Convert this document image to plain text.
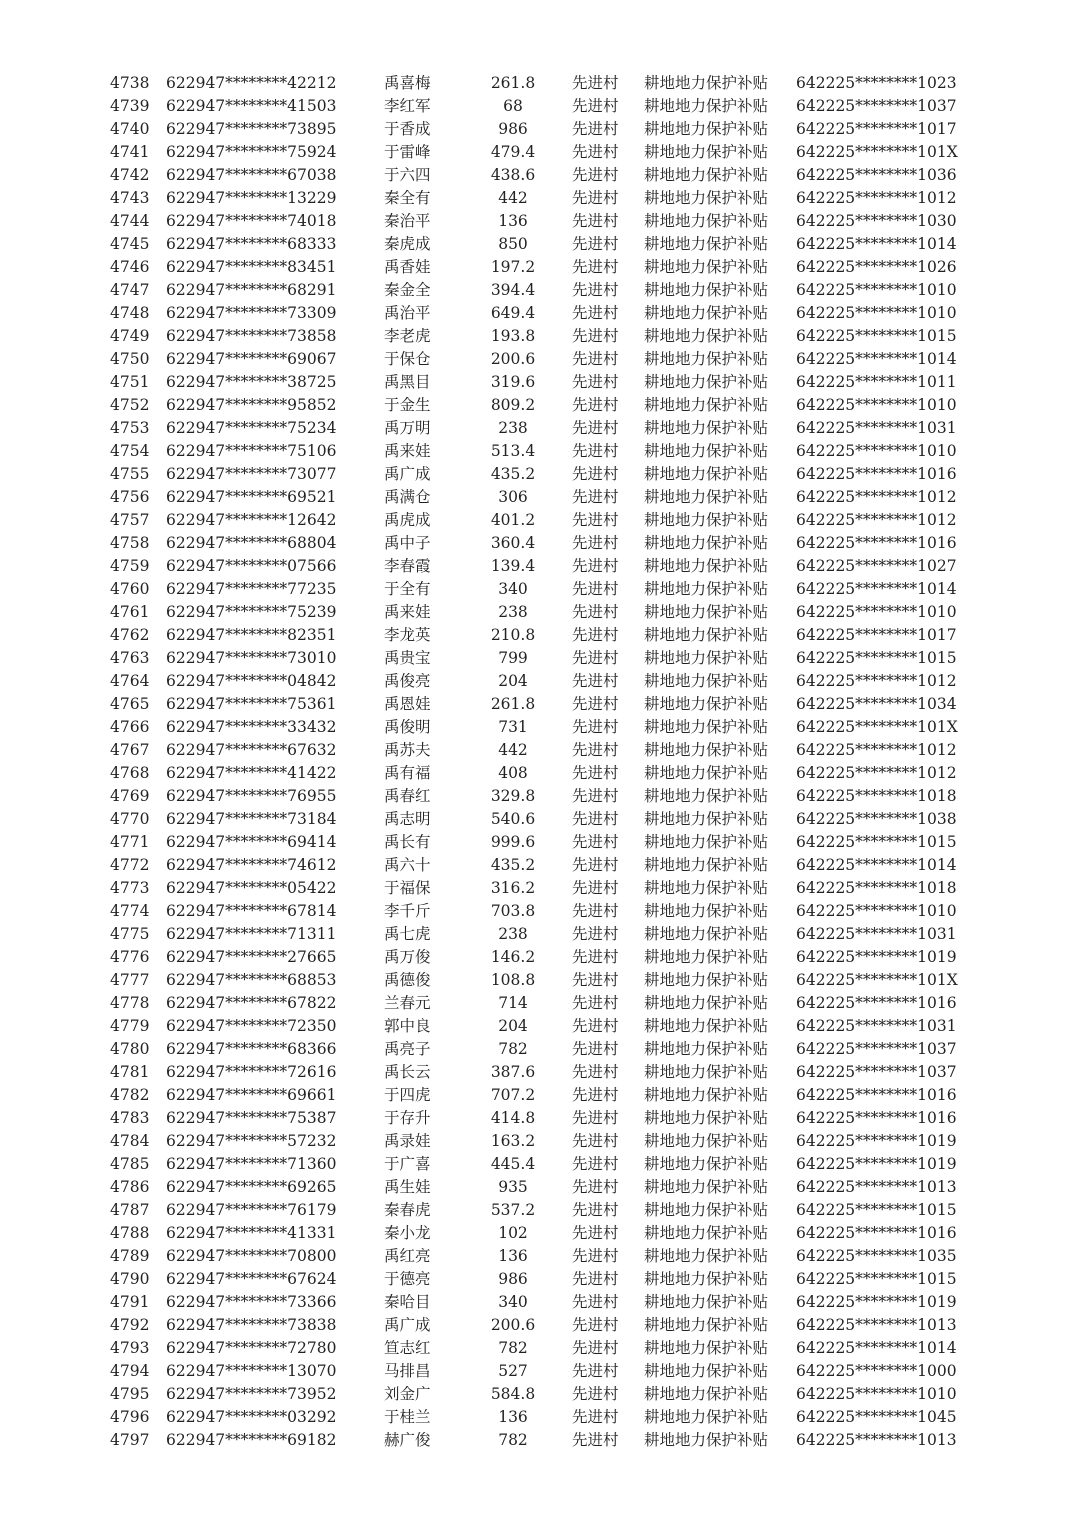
4738 622947********42212	禹喜梅	261.8	先进村 耕地地力保护补贴 642225********1023
4739 622947********41503	李红军	68	先进村 耕地地力保护补贴 642225********1037
4740 622947********73895	于香成	986	先进村 耕地地力保护补贴 642225********1017
4741 622947********75924	于雷峰	479.4	先进村 耕地地力保护补贴 642225********101X
4742 622947********67038	于六四	438.6	先进村 耕地地力保护补贴 642225********1036
4743 622947********13229	秦全有	442	先进村 耕地地力保护补贴 642225********1012
4744 622947********74018	秦治平	136	先进村 耕地地力保护补贴 642225********1030
4745 622947********68333	秦虎成	850	先进村 耕地地力保护补贴 642225********1014
4746 622947********83451	禹香娃	197.2	先进村 耕地地力保护补贴 642225********1026
4747 622947********68291	秦金全	394.4	先进村 耕地地力保护补贴 642225********1010
4748 622947********73309	禹治平	649.4	先进村 耕地地力保护补贴 642225********1010
4749 622947********73858	李老虎	193.8	先进村 耕地地力保护补贴 642225********1015
4750 622947********69067	于保仓	200.6	先进村 耕地地力保护补贴 642225********1014
4751 622947********38725	禹黑目	319.6	先进村 耕地地力保护补贴 642225********1011
4752 622947********95852	于金生	809.2	先进村 耕地地力保护补贴 642225********1010
4753 622947********75234	禹万明	238	先进村 耕地地力保护补贴 642225********1031
4754 622947********75106	禹来娃	513.4	先进村 耕地地力保护补贴 642225********1010
4755 622947********73077	禹广成	435.2	先进村 耕地地力保护补贴 642225********1016
4756 622947********69521	禹满仓	306	先进村 耕地地力保护补贴 642225********1012
4757 622947********12642	禹虎成	401.2	先进村 耕地地力保护补贴 642225********1012
4758 622947********68804	禹中子	360.4	先进村 耕地地力保护补贴 642225********1016
4759 622947********07566	李春霞	139.4	先进村 耕地地力保护补贴 642225********1027
4760 622947********77235	于全有	340	先进村 耕地地力保护补贴 642225********1014
4761 622947********75239	禹来娃	238	先进村 耕地地力保护补贴 642225********1010
4762 622947********82351	李龙英	210.8	先进村 耕地地力保护补贴 642225********1017
4763 622947********73010	禹贵宝	799	先进村 耕地地力保护补贴 642225********1015
4764 622947********04842	禹俊亮	204	先进村 耕地地力保护补贴 642225********1012
4765 622947********75361	禹恩娃	261.8	先进村 耕地地力保护补贴 642225********1034
4766 622947********33432	禹俊明	731	先进村 耕地地力保护补贴 642225********101X
4767 622947********67632	禹苏夫	442	先进村 耕地地力保护补贴 642225********1012
4768 622947********41422	禹有福	408	先进村 耕地地力保护补贴 642225********1012
4769 622947********76955	禹春红	329.8	先进村 耕地地力保护补贴 642225********1018
4770 622947********73184	禹志明	540.6	先进村 耕地地力保护补贴 642225********1038
4771 622947********69414	禹长有	999.6	先进村 耕地地力保护补贴 642225********1015
4772 622947********74612	禹六十	435.2	先进村 耕地地力保护补贴 642225********1014
4773 622947********05422	于福保	316.2	先进村 耕地地力保护补贴 642225********1018
4774 622947********67814	李千斤	703.8	先进村 耕地地力保护补贴 642225********1010
4775 622947********71311	禹七虎	238	先进村 耕地地力保护补贴 642225********1031
4776 622947********27665	禹万俊	146.2	先进村 耕地地力保护补贴 642225********1019
4777 622947********68853	禹德俊	108.8	先进村 耕地地力保护补贴 642225********101X
4778 622947********67822	兰春元	714	先进村 耕地地力保护补贴 642225********1016
4779 622947********72350	郭中良	204	先进村 耕地地力保护补贴 642225********1031
4780 622947********68366	禹亮子	782	先进村 耕地地力保护补贴 642225********1037
4781 622947********72616	禹长云	387.6	先进村 耕地地力保护补贴 642225********1037
4782 622947********69661	于四虎	707.2	先进村 耕地地力保护补贴 642225********1016
4783 622947********75387	于存升	414.8	先进村 耕地地力保护补贴 642225********1016
4784 622947********57232	禹录娃	163.2	先进村 耕地地力保护补贴 642225********1019
4785 622947********71360	于广喜	445.4	先进村 耕地地力保护补贴 642225********1019
4786 622947********69265	禹生娃	935	先进村 耕地地力保护补贴 642225********1013
4787 622947********76179	秦春虎	537.2	先进村 耕地地力保护补贴 642225********1015
4788 622947********41331	秦小龙	102	先进村 耕地地力保护补贴 642225********1016
4789 622947********70800	禹红亮	136	先进村 耕地地力保护补贴 642225********1035
4790 622947********67624	于德亮	986	先进村 耕地地力保护补贴 642225********1015
4791 622947********73366	秦哈目	340	先进村 耕地地力保护补贴 642225********1019
4792 622947********73838	禹广成	200.6	先进村 耕地地力保护补贴 642225********1013
4793 622947********72780	笪志红	782	先进村 耕地地力保护补贴 642225********1014
4794 622947********13070	马排昌	527	先进村 耕地地力保护补贴 642225********1000
4795 622947********73952	刘金广	584.8	先进村 耕地地力保护补贴 642225********1010
4796 622947********03292	于桂兰	136	先进村 耕地地力保护补贴 642225********1045
4797 622947********69182	赫广俊	782	先进村 耕地地力保护补贴 642225********1013
